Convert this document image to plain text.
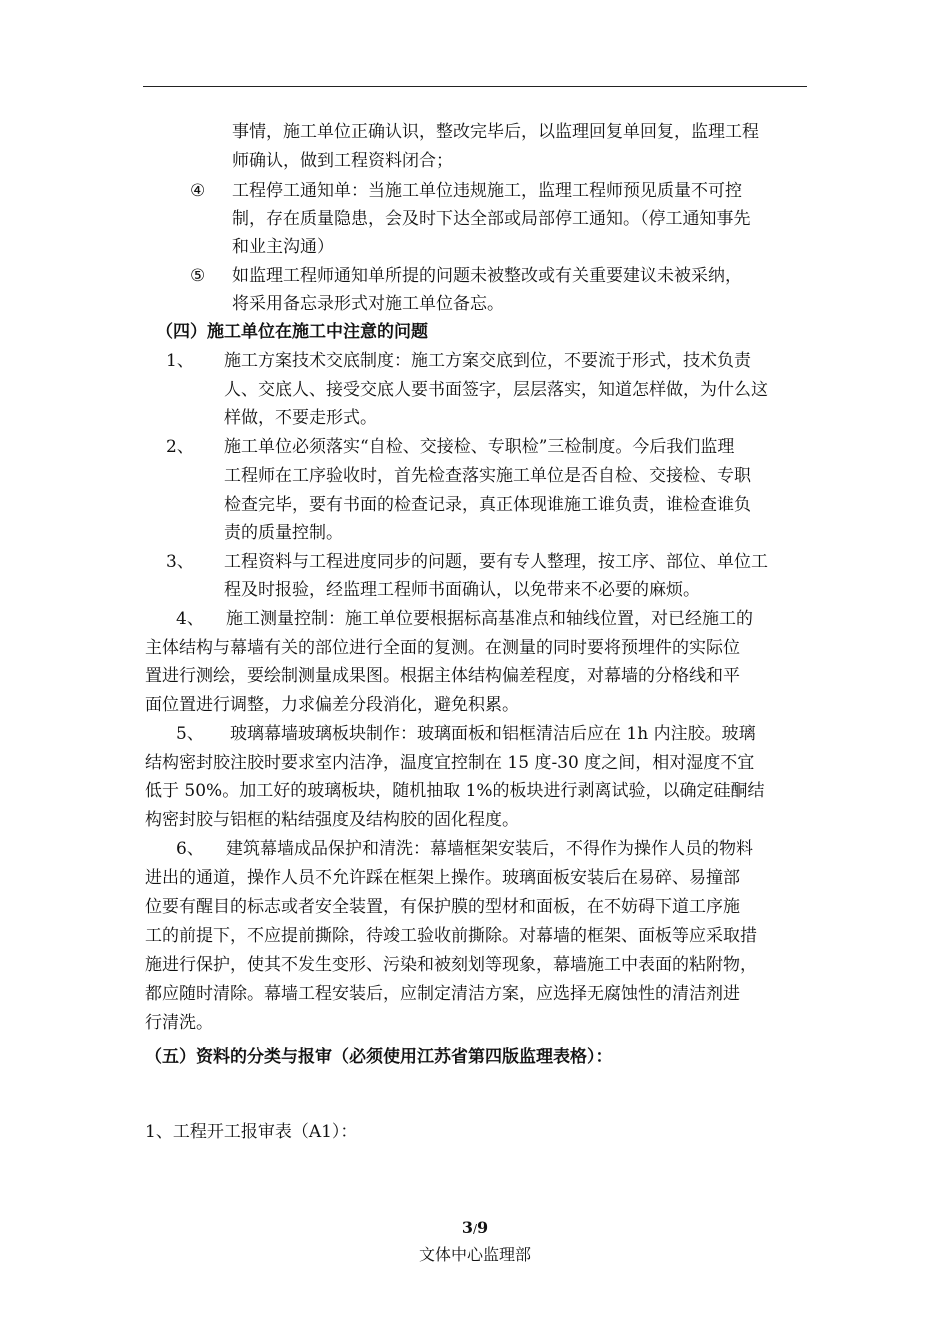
事情，施工单位正确认识，整改完毕后，以监理回复单回复，监理工程
师确认，做到工程资料闭合；
④ 工程停工通知单：当施工单位违规施工，监理工程师预见质量不可控
制，存在质量隐患，会及时下达全部或局部停工通知。（停工通知事先
和业主沟通）
⑤ 如监理工程师通知单所提的问题未被整改或有关重要建议未被采纳，
将采用备忘录形式对施工单位备忘。
（四）施工单位在施工中注意的问题
1、 施工方案技术交底制度：施工方案交底到位，不要流于形式，技术负责
人、交底人、接受交底人要书面签字，层层落实，知道怎样做，为什么这
样做，不要走形式。
2、 施工单位必须落实“自检、交接检、专职检”三检制度。今后我们监理
工程师在工序验收时，首先检查落实施工单位是否自检、交接检、专职
检查完毕，要有书面的检查记录，真正体现谁施工谁负责，谁检查谁负
责的质量控制。
3、 工程资料与工程进度同步的问题，要有专人整理，按工序、部位、单位工
程及时报验，经监理工程师书面确认，以免带来不必要的麻烦。
4、 施工测量控制：施工单位要根据标高基准点和轴线位置，对已经施工的
主体结构与幕墙有关的部位进行全面的复测。在测量的同时要将预埋件的实际位
置进行测绘，要绘制测量成果图。根据主体结构偏差程度，对幕墙的分格线和平
面位置进行调整，力求偏差分段消化，避免积累。
5、 玻璃幕墙玻璃板块制作：玻璃面板和铝框清洁后应在 1h 内注胶。玻璃
结构密封胶注胶时要求室内洁净，温度宜控制在 15 度-30 度之间，相对湿度不宜
低于 50%。加工好的玻璃板块，随机抽取 1%的板块进行剥离试验，以确定硅酮结
构密封胶与铝框的粘结强度及结构胶的固化程度。
6、 建筑幕墙成品保护和清洗：幕墙框架安装后，不得作为操作人员的物料
进出的通道，操作人员不允许踩在框架上操作。玻璃面板安装后在易碎、易撞部
位要有醒目的标志或者安全装置，有保护膜的型材和面板，在不妨碍下道工序施
工的前提下，不应提前撕除，待竣工验收前撕除。对幕墙的框架、面板等应采取措
施进行保护，使其不发生变形、污染和被刻划等现象，幕墙施工中表面的粘附物，
都应随时清除。幕墙工程安装后，应制定清洁方案，应选择无腐蚀性的清洁剂进
行清洗。
（五）资料的分类与报审（必须使用江苏省第四版监理表格）：
1、工程开工报审表（A1）：
3/9
文体中心监理部
